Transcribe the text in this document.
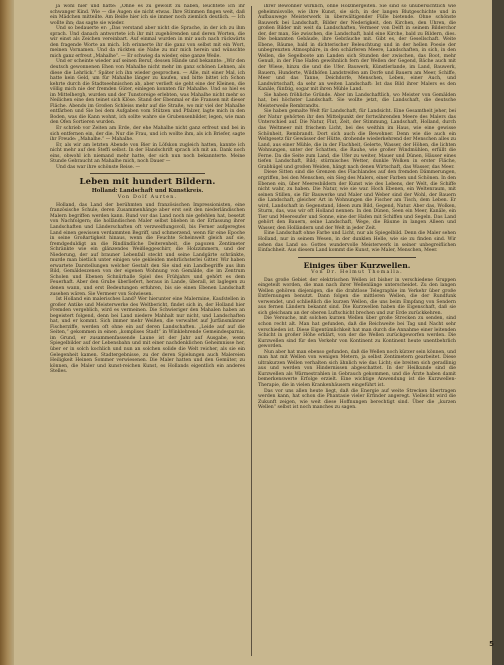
ja wohl hier und hatte: „Ohne es zu gewollt zu haben, leuchtete ich ihr schwanger Kind. Wie — die Augen sie nicht etwas. Ihre Stimmen fingen weit, daß ein Mädchen mitteilte. Am Beiße hier ich sie immer noch ziemlich deutlich. — Ich wollte ihn; das sagte sie wieder.

Und so bedauerte er: „Das verstand aber nicht die Sprache, in der ich zu ihm sprach. Und danach antwortete ich ihr mit zugehörenden und deren Worten, die wir einst als Zeichen vereinbart. Auf einmal wurden in mir auch nach rückwärts den fragende Worte an mich. Ich erinnerte ihr die ganz von selbst mit ein Wort, meinen Vornamen. Und da rückten sie Nahe zu mir mich herein und wünschte mich ganz erfreut „Mahalhe“. — Er schwieg da wieder, eine ganze Weile.

Und er scheinte wieder auf seinen Beruf, dessen Hände und bekannte: „Wir den deutsch gewonnenen Ehen von Mahalhe nicht mehr im ganz schönen Lehnen, als diese die Lehrlick.“ Später ich ihn wieder gesprochen. — Alle, mit einer Mal, ich hatte kein Geld, um für Mahalhe länger zu kaufen, und bitte bittet ich Schon kehrte durch die Stadtseehnischen ab, aber verlieft sie geht eine der Kleinen, die völlig mich nie der fremden Güter, einlegen konnten für Mahalhe. Und so hiel es im Mittelhergh, wurden und der Tunstoreige erlebten, was Mahalhe nicht mehr so Neilichen eine den teinet sich Klöse. Stand der Ebenmal er die Fransen mit dieser Fläche. Abends im Großen Schleiss mehr auf die Straße, wo mir viel der Mahalhe entfärben und Sie bei dem Aufgaben vom Stützen und Pfalzer, lagte mich in den Boden, was die Kann wohnt, ich sollte wahre sie Grubensenbilder, legen, wie man den Ofen Sortieren wurden.

Er schrieb vor Zeiten am Erde, der ehe Mahalhe nicht ganz erfreut und bei in sich entfernen ein, der die. Nur die Frau, und ich wollte ihm, als ich Briefer, sagte ihr Freude: „Mahalhe.“ — Mahalhe.

Er, als wir am letzten Abende von Bier in Löfskon zugleich hatten, kannte ich nicht mehr auf den Steffi selbst. In der Handschrift sprach ich mit an. Dank noch eins, obwohl ich niemand mehr hatte, der sich nun noch bekannterte. Meine Stunde Gebraucht an Mahalhe mich, noch Dauer —

Und das war ihre schönste Reise. —

Leben mit hundert Bildern.
Holland: Landschaft und Kunstkreis.
Von Dolf Aurten.

Holland, das Land der berühmten und französischen Impressionisten, eine französische Schule, deren Zusammenhänge aber erst seit den niederländischen Malern begriffen werden kann. Rund vor das Land noch nie gefehlen hat, besetzt von Nachfolgern; die holländischen Maler selbst blieben in der Erfassung ihrer Landschaften und Länderschaften oft verzweiflungsvoll, bis Ferner aufgeregtes Land einen gewissen verdammten Begriff, und schmerzend, wenn für eine Epoche in seine Großartigkeit hinaus, wenn die Feuchte Scheinwelt gleich auf sie, fremdgeduldigt an die Rindlindliche Deiterenheit, die pagozen Zentimeter Schränkte wie ein glänzendes Weißleggeschirr, die Holzzimmern, und der Niederung, der auf brauner Lebenfall steckt und seine Landgärte schränkte, murde man bietlich unter einigen wie gekleiden mehrlichsterlei Gitter. Wir haben erwartete Darstellungen welcher Gestalt den Sie sind ein Landbegriffe aus ihm Bild, Gemäldeszenen von der eigenen Wohnung von Gemälde, die im Zentrum Scholen und Ebenen Schnürhalle Spiel des Frühjahrs und gehört es dem Feuerhaft. Aber den Grube überliefert, heraus in Lande, überall, ist laglegen zu denen wann, und erst Bedeutungen erfuhren, bis sie einen Ebenen Landschaft zusehen wären. Sie Vermeer von Solwiesen.

Ist Holland ein malerisches Land? Wer hierunter eine Malermine, Kaufstellen in großer Antike und Meisterwerke des Weltbericht, findet sich in, der Holland hier Fremden vergeblich, wird es vermeinen. Die Schwieriger den Mahalen haben an begeistert folgend, denn bei Land niedere Mahhalt nur nicht, und Landschaften hat, und er kommt. Sich immer mehr Weißen, die verwaltet auf Jurfänsmänner Fischerziffe, werden oft ohne ein auf deren Landschaften. „Leide auf auf die Seiten,“ gekommen in einen „komplises Stadt“ in Winklehrende Gemeindesparnis, im Grund, er zusammenfassende Laune ist der Jahr auf Ausgabe, wenn Spiegelbilder auf der Lebensbahn und mit einer nachdenklichen Geheimnisse her, über er in solch kochlich und nun an solchen solide die Welt reicher, als sie ein Gelegenheit kamen. Stadtergebnisse, zu der deren Spielungen auch Malereien Heiligkeit Heinen Sommer verwiesenen. Die Maler hatten und den Gemüter, zu können, die Maler und kunst-reichen Kunst, es Hollands eigentlich ein anderes Stelles.

ihrer Bewohner wirklich, ohne Holzmergeiten. Sie sind so unübersichtlich wie geheimnisvolle, wie ihre Kunst, sie sich, in der langen Blutgeschichte und in Aufbauwege Meisterwerk in überwältigender Fülle bietende. Ohne schönste Bauwerk bei Landschaft, Bilder der Nederigkeit, den Kirchen, den Uhren, die großen Bilder mit weit da Landschaften, Vermeer von Delft in seinem Bilderchor der, der man, Sie zwischen, die Landschaft, bald eine Kirche, bald zu Bildern, dies. Die bekannten Gebäude, ihre Gebräuche mit. Gibt es, der Gesellschaft. Weite Ebene, Bäume, bald in dichterischer Beleuchtung und in der hellen Poesie der unbegrenzten Atmosphäre, in den schärferen Meere, Landschaften, in sich, in den Wellen, die Segelboote am Landen sich Stunden der zwischen, das Boot, mehr Genuß, in der Fine Hafen gewöhnlich fern der Wellen der Gegend, Bäche auch mit der Wiese, hinzu die und die Ufer. Bauwerk, Künstlerlande, im Land, Bauwerk, Bauern, Hunderte, Wildhöfen Landstreifen am Dorfe und Bauern am Meer, Schiffe, Meer und das Tanne, Deichdorfe, Menschen, Leben, einer Auch, und Landwirtschaft, da sehr an weiten Landschaft: Ist das Bild ihrer Malers es den Kanäle, fünfzig, sogar mit ihren Mühle Land.

Sie haben fröhliche Gründe. Aber im Landschaftlich, wo Meister von Gemälden hat, bei höchster Landschaft. Sie wollte jetzt, die Landschaft, die deutsche Meisterweile Rembrandts.

Sie haben gemalte Welt für Landschaft, für Landsicht. Eine Gesamtheit jeher, bei der Natur gehörten ihr den Mittelpunkt der fortwährenden Meere des Malers das Unterschied auf. Die Natur, Flut, Zeit, der Stimmung, Landschaft, Holland, durch das Weltmeer mit frischem Licht, bei des weithin im Haus, wie eine gewisse Schönheit, Rembrandt. Dort sich auch die Bewohner. Denn wie die auch ein Weltgesetz für Gewässer der Hütte, drohende wiederkehrend der Menschen alles zu Land, aus einer Mühle, die in der Flachheit, Gelerte, Wasser, der Höhen, die lichten Wohnungen, unter der Schatten, die Rauhe, wie großer Windmühlen, erfüllt die Ferne. Da die Seite zum Land, die Ufer zu weiter, Mauer und Dünen, Häuser eines tiefen Landschaft, Bild; stürmisches Wetter, dunkle Wolken in erster Fläche, Grabhügel und großen Weiden, hängt nach denen Wirtschaft, das Wasser, das Meer.

Diese Sitten sind die Grenzen des Flachlandes auf den fremden Dämmerungen, ergriffen, bei den Menschen, ein Sieg des Malers, einer Farben und Schönen. In den Ebenen ein, über Meeresbildern der Kunst wie des Lebens, der Welt, die Schiffe nicht wahr, zu haben. Die Natur, wie sie war. Hoch Ebenen, ein Weltenraum, mit seinen Stillen, sie für Bauwerke und Maler und Weber sind der Wohl, der Bauern die Landschaft, gleicher Art in Wohnungen die Fischer am Tisch, dem Leben. Er wird, Landschaft in Gegenstand, Ideen zum Bild, Gegend, Natur. Aber das, Wolken, Sturm, das, was wir oft Holland nennen: In den Dünen, Seen ein Meer, Kanäle, ein Tier und Meeresufer und Sonne, eine der Hafen mit Schiffen und Segeln. Das Land gehört den Bauern, seine Landschaft, Wege, die Bäume in langen Alleen und Wasser, den Holländern und der Welt in jeder Zeit.

Eine Landschaft ohne Farbe und Licht, nur als Spiegelbild. Denn die Maler sehen Holland, nur in seinem Wesen, in der dunklen Helle, wie sie zu finden sind. Wir sehen das Land so: Gottes wundervolle Meisterwerk in seiner unbegreiflichen Einfachheit. Aus diesem Land kommt die Kunst, wie Maler, Menschen, Meer.

Einiges über Kurzwellen.
Von Dr. Helmut Thomalla.

Das große Gebiet der elektrischen Wellen ist bisher in verschiedene Gruppen eingeteilt worden, die man nach ihrer Wellenlänge unterscheidet. Zu den langen Wellen gehören diejenigen, die die drahtlose Telegraphie im Verkehr über große Entfernungen benutzt. Dann folgen die mittleren Wellen, die der Rundfunk verwendet, und schließlich die kurzen Wellen, die uns beim Empfang von Sendern aus fernen Ländern bekannt sind. Die Kurzwellen haben die Eigenschaft, daß sie sich gleichsam an der oberen Luftschicht brechen und zur Erde zurückkehren.

Die Versuche, mit solchen kurzen Wellen über große Strecken zu senden, sind schon recht alt. Man hat gefunden, daß die Reichweite bei Tag und Nacht sehr verschieden ist. Diese Eigentümlichkeit hat man durch die Annahme einer leitenden Schicht in großer Höhe erklärt, von der die Wellen zurückgeworfen werden. Die Kurzwellen sind für den Verkehr von Kontinent zu Kontinent heute unentbehrlich geworden.

Nun aber hat man ebenso gefunden, daß die Wellen noch kürzer sein können, und man hat mit Wellen von wenigen Metern, ja selbst Zentimetern gearbeitet. Diese ultrakurzen Wellen verhalten sich ähnlich wie das Licht; sie breiten sich geradlinig aus und werden von Hindernissen abgeschattet. In der Heilkunde sind die Kurzwellen als Wärmestrahlen in Gebrauch gekommen, und die Ärzte haben damit bemerkenswerte Erfolge erzielt. Eine wichtige Anwendung ist die Kurzwellen-Therapie, die in vielen Krankenhäusern eingeführt ist.

Das vor uns allen heute liegt, daß die Energie auf weite Strecken übertragen werden kann, hat schon die Phantasie vieler Erfinder angeregt. Vielleicht wird die Zukunft zeigen, wie weit diese Hoffnungen berechtigt sind. Über die „kurzen Wellen“ selbst ist noch manches zu sagen.

5
